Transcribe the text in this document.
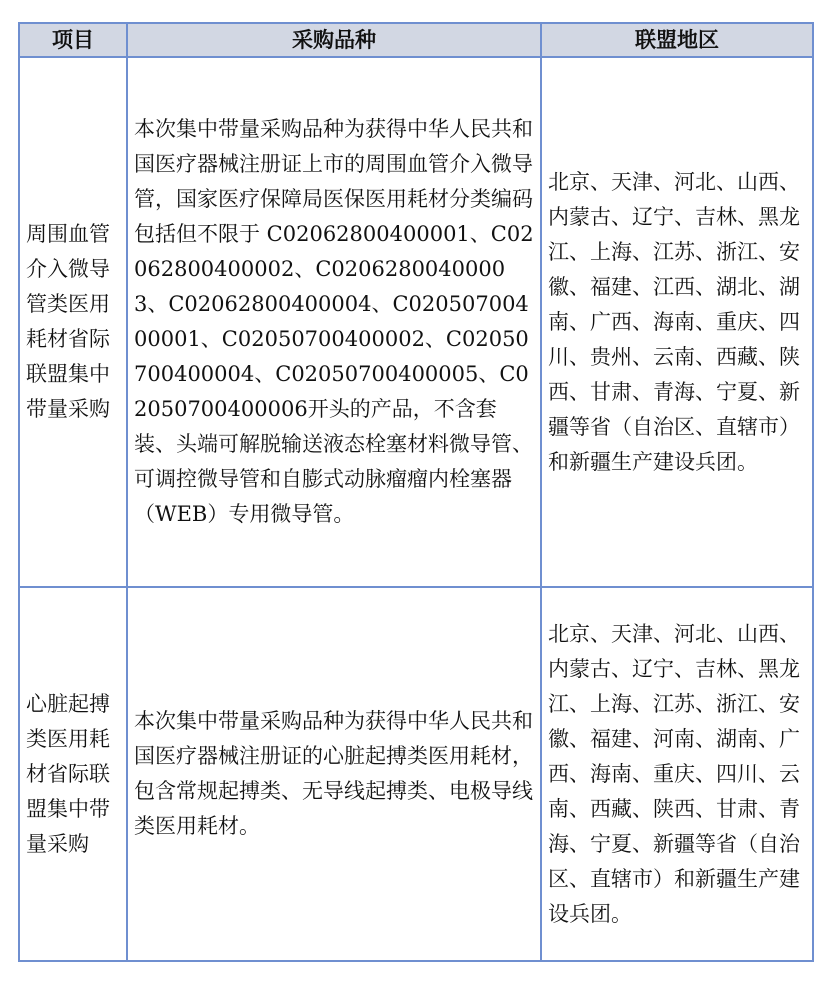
项目	采购品种	联盟地区
周围血管介入微导管类医用耗材省际联盟集中带量采购	本次集中带量采购品种为获得中华人民共和国医疗器械注册证上市的周围血管介入微导管，国家医疗保障局医保医用耗材分类编码包括但不限于 C02062800400001、C02062800400002、C02062800400003、C02062800400004、C02050700400001、C02050700400002、C02050700400004、C02050700400005、C02050700400006开头的产品，不含套装、头端可解脱输送液态栓塞材料微导管、可调控微导管和自膨式动脉瘤瘤内栓塞器（WEB）专用微导管。	北京、天津、河北、山西、内蒙古、辽宁、吉林、黑龙江、上海、江苏、浙江、安徽、福建、江西、湖北、湖南、广西、海南、重庆、四川、贵州、云南、西藏、陕西、甘肃、青海、宁夏、新疆等省（自治区、直辖市）和新疆生产建设兵团。
心脏起搏类医用耗材省际联盟集中带量采购	本次集中带量采购品种为获得中华人民共和国医疗器械注册证的心脏起搏类医用耗材，包含常规起搏类、无导线起搏类、电极导线类医用耗材。	北京、天津、河北、山西、内蒙古、辽宁、吉林、黑龙江、上海、江苏、浙江、安徽、福建、河南、湖南、广西、海南、重庆、四川、云南、西藏、陕西、甘肃、青海、宁夏、新疆等省（自治区、直辖市）和新疆生产建设兵团。
